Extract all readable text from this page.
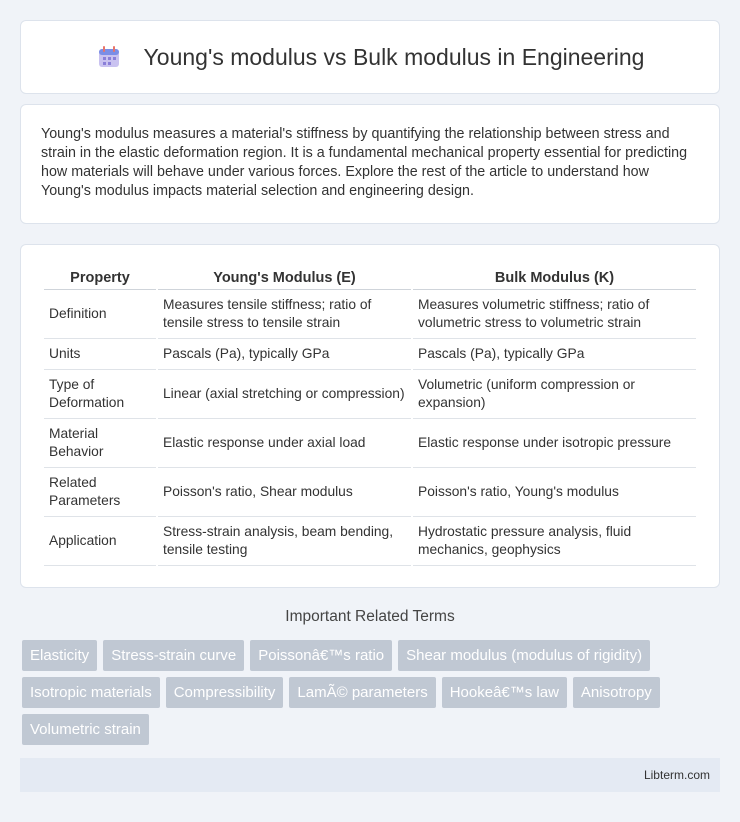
Young's modulus vs Bulk modulus in Engineering

Young's modulus measures a material's stiffness by quantifying the relationship between stress and strain in the elastic deformation region. It is a fundamental mechanical property essential for predicting how materials will behave under various forces. Explore the rest of the article to understand how Young's modulus impacts material selection and engineering design.

Property	Young's Modulus (E)	Bulk Modulus (K)
Definition	Measures tensile stiffness; ratio of tensile stress to tensile strain	Measures volumetric stiffness; ratio of volumetric stress to volumetric strain
Units	Pascals (Pa), typically GPa	Pascals (Pa), typically GPa
Type of Deformation	Linear (axial stretching or compression)	Volumetric (uniform compression or expansion)
Material Behavior	Elastic response under axial load	Elastic response under isotropic pressure
Related Parameters	Poisson's ratio, Shear modulus	Poisson's ratio, Young's modulus
Application	Stress-strain analysis, beam bending, tensile testing	Hydrostatic pressure analysis, fluid mechanics, geophysics
Important Related Terms
Elasticity	Stress-strain curve	Poissonâ€™s ratio	Shear modulus (modulus of rigidity)
Isotropic materials	Compressibility	LamÃ© parameters	Hookeâ€™s law	Anisotropy
Volumetric strain
Libterm.com
